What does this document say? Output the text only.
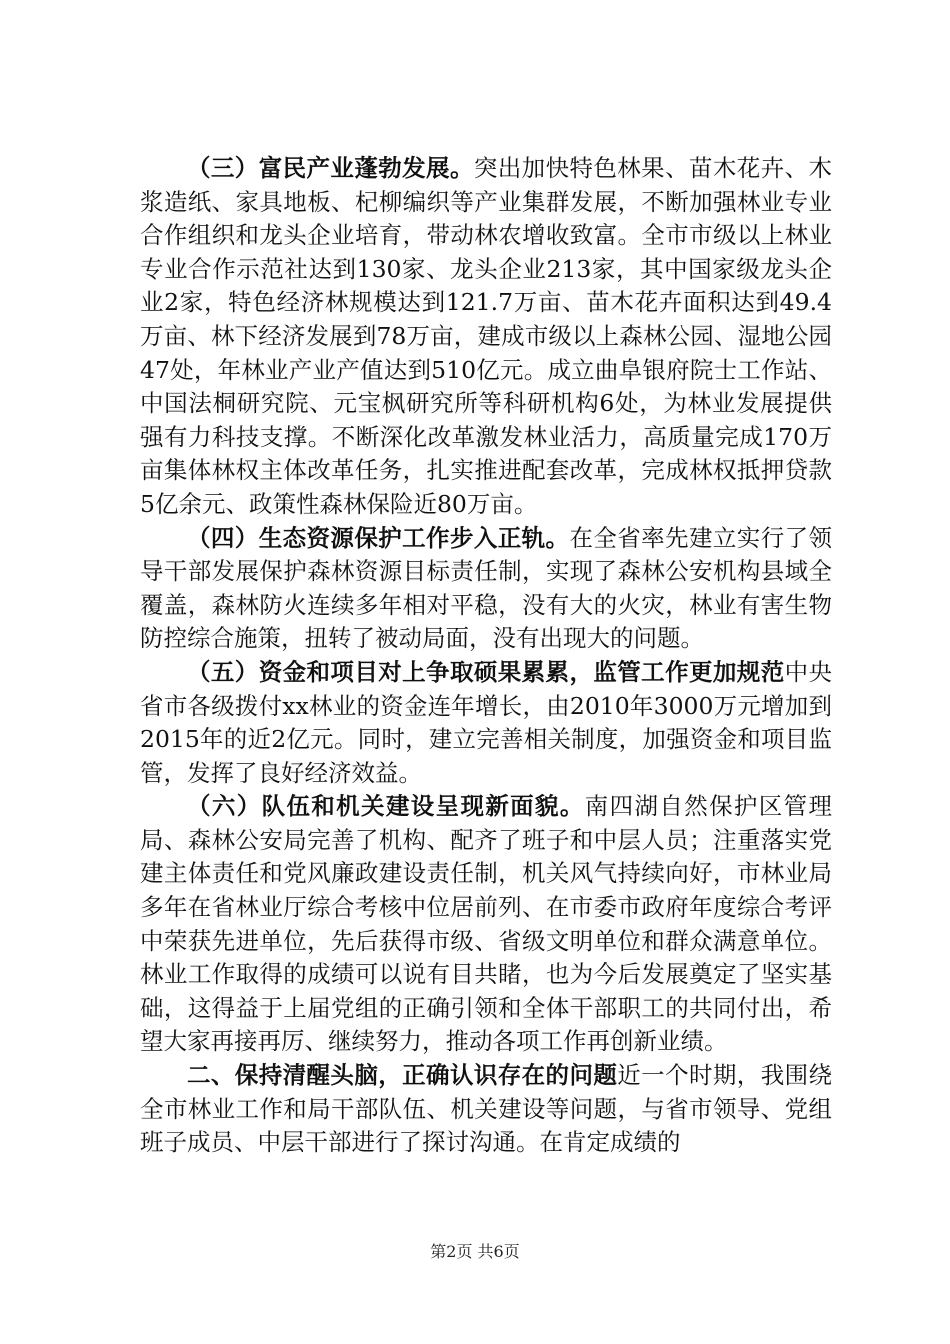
（三）富民产业蓬勃发展。突出加快特色林果、苗木花卉、木浆造纸、家具地板、杞柳编织等产业集群发展，不断加强林业专业合作组织和龙头企业培育，带动林农增收致富。全市市级以上林业专业合作示范社达到130家、龙头企业213家，其中国家级龙头企业2家，特色经济林规模达到121.7万亩、苗木花卉面积达到49.4万亩、林下经济发展到78万亩，建成市级以上森林公园、湿地公园47处，年林业产业产值达到510亿元。成立曲阜银府院士工作站、中国法桐研究院、元宝枫研究所等科研机构6处，为林业发展提供强有力科技支撑。不断深化改革激发林业活力，高质量完成170万亩集体林权主体改革任务，扎实推进配套改革，完成林权抵押贷款5亿余元、政策性森林保险近80万亩。

（四）生态资源保护工作步入正轨。在全省率先建立实行了领导干部发展保护森林资源目标责任制，实现了森林公安机构县域全覆盖，森林防火连续多年相对平稳，没有大的火灾，林业有害生物防控综合施策，扭转了被动局面，没有出现大的问题。

（五）资金和项目对上争取硕果累累，监管工作更加规范中央省市各级拨付xx林业的资金连年增长，由2010年3000万元增加到2015年的近2亿元。同时，建立完善相关制度，加强资金和项目监管，发挥了良好经济效益。

（六）队伍和机关建设呈现新面貌。南四湖自然保护区管理局、森林公安局完善了机构、配齐了班子和中层人员；注重落实党建主体责任和党风廉政建设责任制，机关风气持续向好，市林业局多年在省林业厅综合考核中位居前列、在市委市政府年度综合考评中荣获先进单位，先后获得市级、省级文明单位和群众满意单位。林业工作取得的成绩可以说有目共睹，也为今后发展奠定了坚实基础，这得益于上届党组的正确引领和全体干部职工的共同付出，希望大家再接再厉、继续努力，推动各项工作再创新业绩。

二、保持清醒头脑，正确认识存在的问题近一个时期，我围绕全市林业工作和局干部队伍、机关建设等问题，与省市领导、党组班子成员、中层干部进行了探讨沟通。在肯定成绩的

第2页 共6页
